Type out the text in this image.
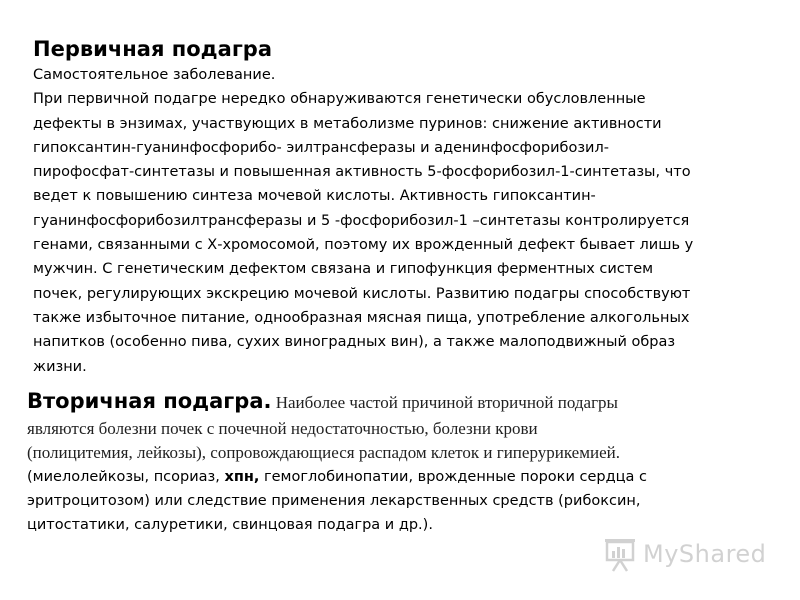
Первичная подагра
Самостоятельное заболевание.
При первичной подагре нередко обнаруживаются генетически обусловленные
дефекты в энзимах, участвующих в метаболизме пуринов: снижение активности
гипоксантин-гуанинфосфорибо- эилтрансферазы и аденинфосфорибозил-
пирофосфат-синтетазы и повышенная активность 5-фосфорибозил-1-синтетазы, что
ведет к повышению синтеза мочевой кислоты. Активность гипоксантин-
гуанинфосфорибозилтрансферазы и 5 -фосфорибозил-1 –синтетазы контролируется
генами, связанными с Х-хромосомой, поэтому их врожденный дефект бывает лишь у
мужчин. С генетическим дефектом связана и гипофункция ферментных систем
почек, регулирующих экскрецию мочевой кислоты. Развитию подагры способствуют
также избыточное питание, однообразная мясная пища, употребление алкогольных
напитков (особенно пива, сухих виноградных вин), а также малоподвижный образ
жизни.
Вторичная подагра. Наиболее частой причиной вторичной подагры
являются болезни почек с почечной недостаточностью, болезни крови
(полицитемия, лейкозы), сопровождающиеся распадом клеток и гиперурикемией.
(миелолейкозы, псориаз, хпн, гемоглобинопатии, врожденные пороки сердца с
эритроцитозом) или следствие применения лекарственных средств (рибоксин,
цитостатики, салуретики, свинцовая подагра и др.).
MyShared
